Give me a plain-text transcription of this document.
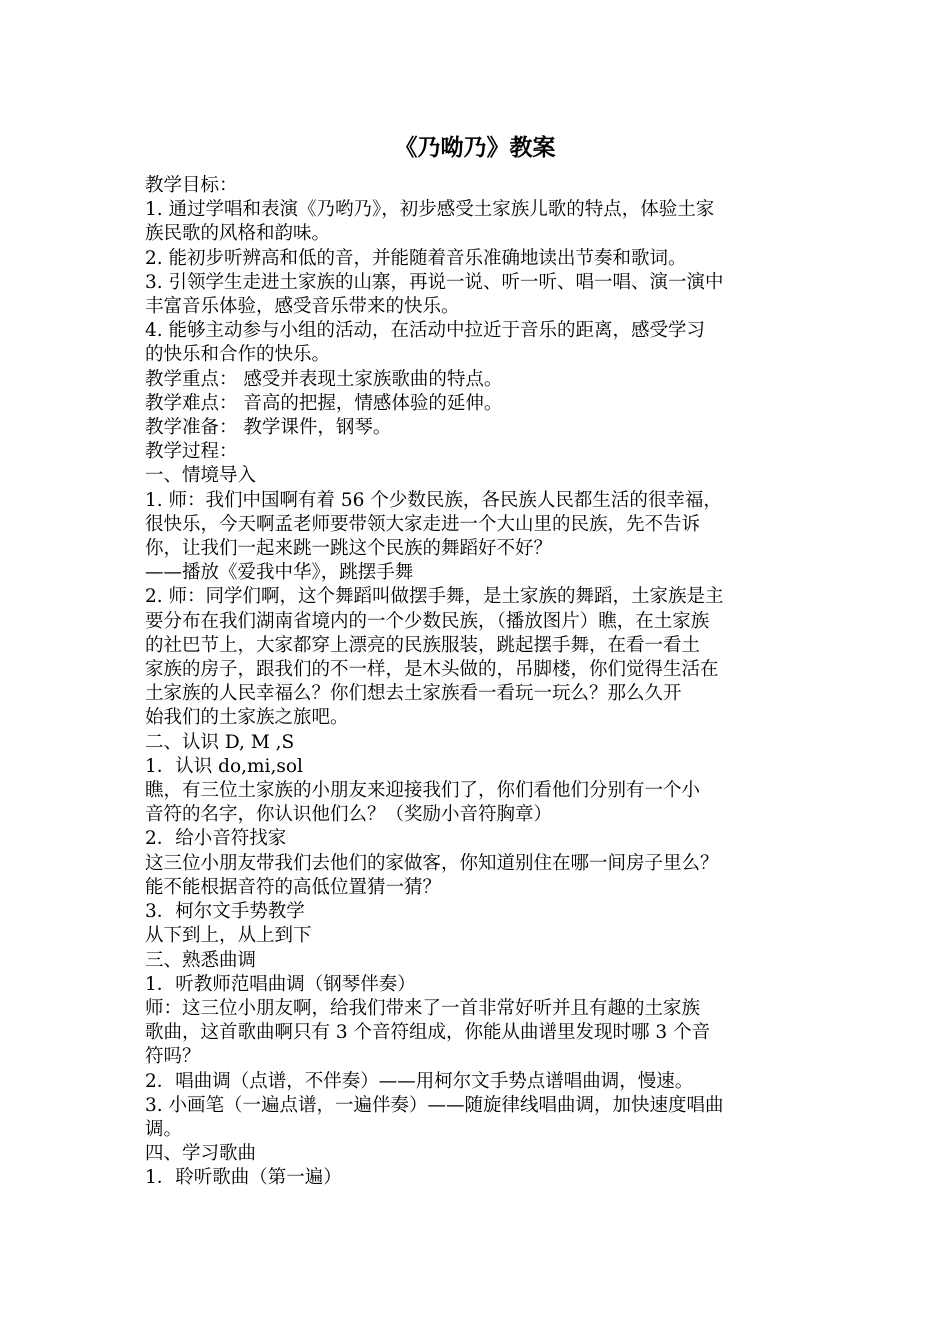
《乃呦乃》教案
教学目标：
1. 通过学唱和表演《乃哟乃》，初步感受土家族儿歌的特点，体验土家
族民歌的风格和韵味。
2. 能初步听辨高和低的音，并能随着音乐准确地读出节奏和歌词。
3. 引领学生走进土家族的山寨，再说一说、听一听、唱一唱、演一演中
丰富音乐体验，感受音乐带来的快乐。
4. 能够主动参与小组的活动，在活动中拉近于音乐的距离，感受学习
的快乐和合作的快乐。
教学重点： 感受并表现土家族歌曲的特点。
教学难点： 音高的把握，情感体验的延伸。
教学准备： 教学课件，钢琴。
教学过程：
一、情境导入
1. 师：我们中国啊有着 56 个少数民族，各民族人民都生活的很幸福，
很快乐，今天啊孟老师要带领大家走进一个大山里的民族，先不告诉
你，让我们一起来跳一跳这个民族的舞蹈好不好？
——播放《爱我中华》，跳摆手舞
2. 师：同学们啊，这个舞蹈叫做摆手舞，是土家族的舞蹈，土家族是主
要分布在我们湖南省境内的一个少数民族，（播放图片）瞧，在土家族
的社巴节上，大家都穿上漂亮的民族服装，跳起摆手舞，在看一看土
家族的房子，跟我们的不一样，是木头做的，吊脚楼，你们觉得生活在
土家族的人民幸福么？你们想去土家族看一看玩一玩么？那么久开
始我们的土家族之旅吧。
二、认识 D, M ,S
1．认识 do,mi,sol
瞧，有三位土家族的小朋友来迎接我们了，你们看他们分别有一个小
音符的名字，你认识他们么？（奖励小音符胸章）
2．给小音符找家
这三位小朋友带我们去他们的家做客，你知道别住在哪一间房子里么？
能不能根据音符的高低位置猜一猜？
3．柯尔文手势教学
从下到上，从上到下
三、熟悉曲调
1．听教师范唱曲调（钢琴伴奏）
师：这三位小朋友啊，给我们带来了一首非常好听并且有趣的土家族
歌曲，这首歌曲啊只有 3 个音符组成，你能从曲谱里发现时哪 3 个音
符吗？
2．唱曲调（点谱，不伴奏）——用柯尔文手势点谱唱曲调，慢速。
3. 小画笔（一遍点谱，一遍伴奏）——随旋律线唱曲调，加快速度唱曲
调。
四、学习歌曲
1．聆听歌曲（第一遍）
